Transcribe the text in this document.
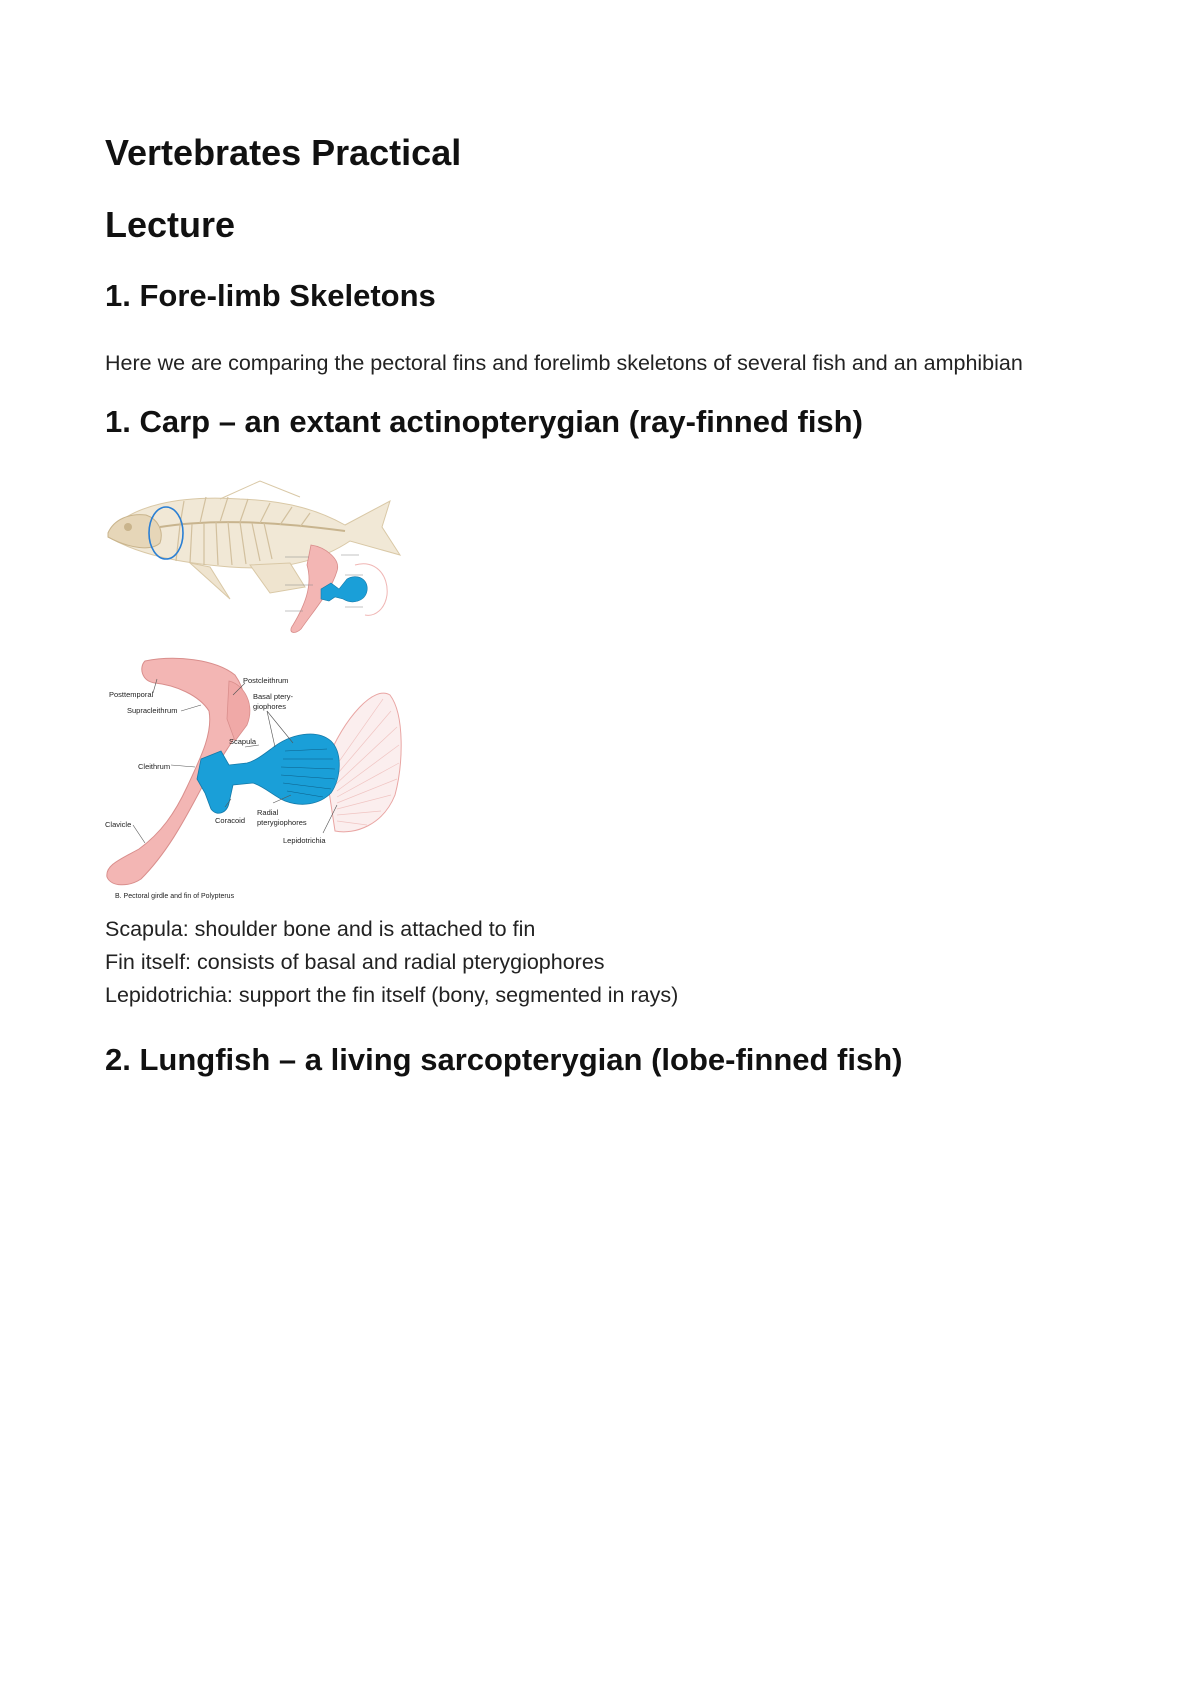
Vertebrates Practical
Lecture
1. Fore-limb Skeletons

Here we are comparing the pectoral fins and forelimb skeletons of several fish and an amphibian

1. Carp – an extant actinopterygian (ray-finned fish)
Posttemporal
Supracleithrum
Cleithrum
Clavicle	Coracoid
Scapula
Postcleithrum
Basal ptery-
giophores
Radial
pterygiophores
Lepidotrichia
B. Pectoral girdle and fin of Polypterus

Scapula: shoulder bone and is attached to fin

Fin itself: consists of basal and radial pterygiophores

Lepidotrichia: support the fin itself (bony, segmented in rays)

2. Lungfish – a living sarcopterygian (lobe-finned fish)
